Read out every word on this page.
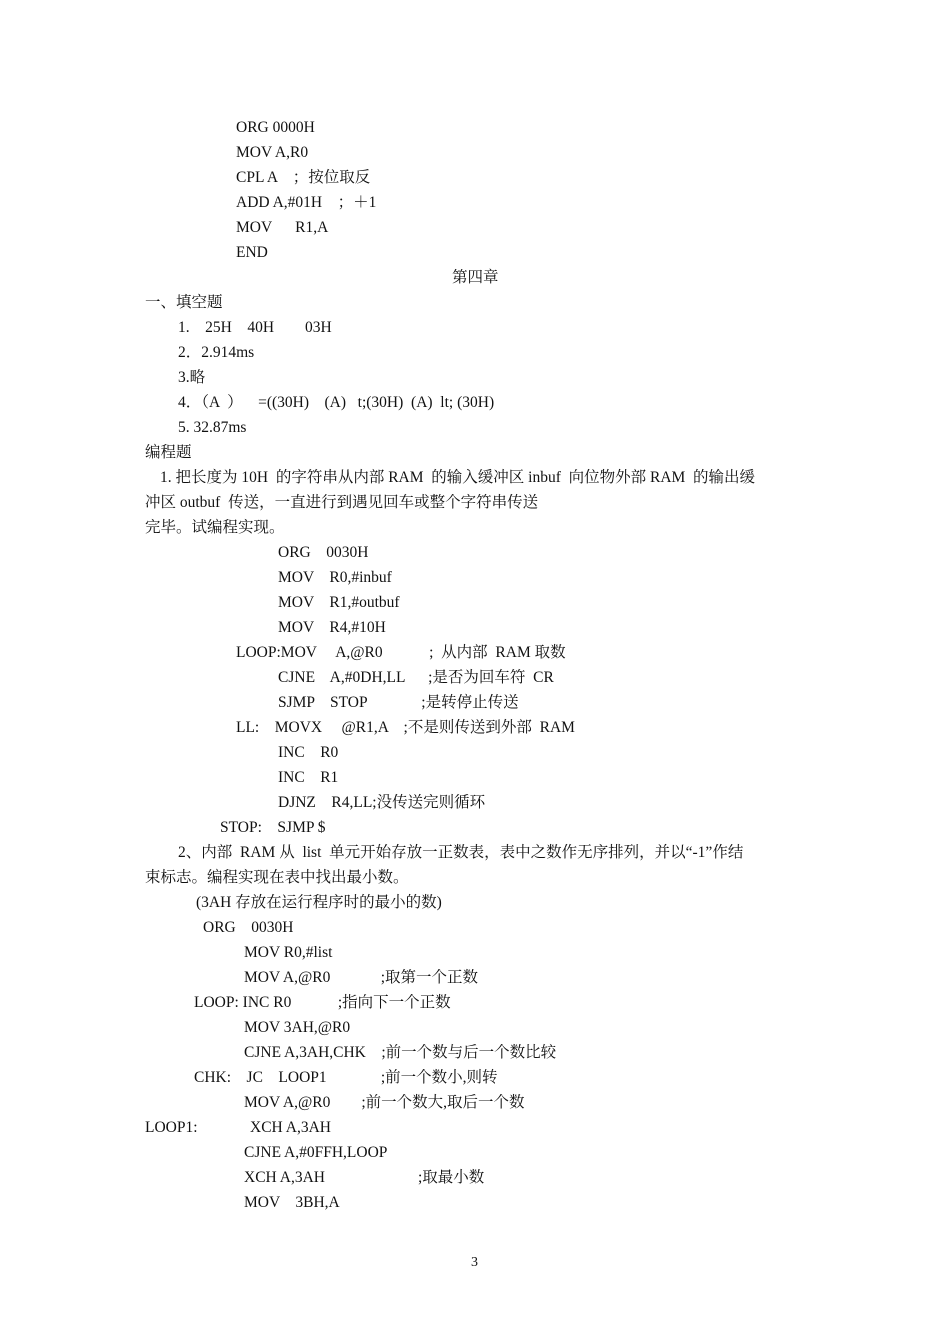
ORG 0000H
MOV A,R0
CPL A    ；按位取反
ADD A,#01H    ；＋1
MOV      R1,A
END
第四章
一、填空题
1.    25H    40H        03H
2．2.914ms
3.略
4．（A  ）    =((30H)    (A)   t;(30H)  (A)  lt; (30H)
5. 32.87ms
编程题
1. 把长度为 10H  的字符串从内部 RAM  的输入缓冲区 inbuf  向位物外部 RAM  的输出缓
冲区 outbuf  传送，一直进行到遇见回车或整个字符串传送
完毕。试编程实现。
ORG    0030H
MOV    R0,#inbuf
MOV    R1,#outbuf
MOV    R4,#10H
LOOP:MOV     A,@R0            ;  从内部  RAM 取数
CJNE    A,#0DH,LL      ;是否为回车符  CR
SJMP    STOP              ;是转停止传送
LL:    MOVX     @R1,A    ;不是则传送到外部  RAM
INC    R0
INC    R1
DJNZ    R4,LL;没传送完则循环
STOP:    SJMP $
2、内部  RAM 从  list  单元开始存放一正数表，表中之数作无序排列，并以“-1”作结
束标志。编程实现在表中找出最小数。
(3AH 存放在运行程序时的最小的数)
ORG    0030H
MOV R0,#list
MOV A,@R0             ;取第一个正数
LOOP: INC R0            ;指向下一个正数
MOV 3AH,@R0
CJNE A,3AH,CHK    ;前一个数与后一个数比较
CHK:    JC    LOOP1              ;前一个数小,则转
MOV A,@R0        ;前一个数大,取后一个数
LOOP1:	XCH A,3AH
CJNE A,#0FFH,LOOP
XCH A,3AH                        ;取最小数
MOV    3BH,A
3
